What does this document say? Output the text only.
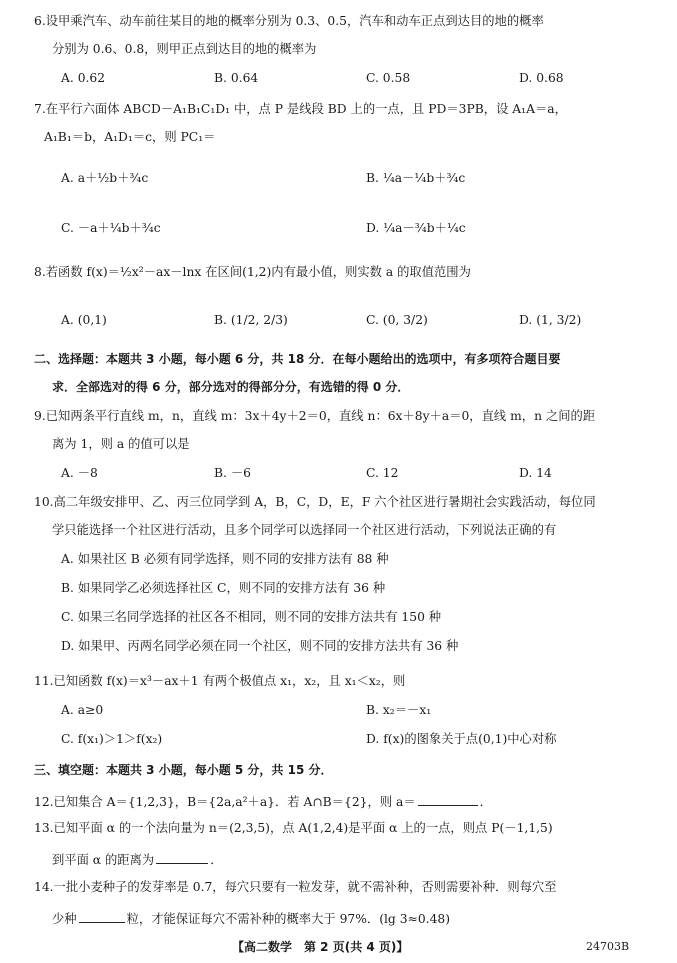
6.设甲乘汽车、动车前往某目的地的概率分别为 0.3、0.5，汽车和动车正点到达目的地的概率
分别为 0.6、0.8，则甲正点到达目的地的概率为
A. 0.62	B. 0.64	C. 0.58	D. 0.68
7.在平行六面体 ABCD－A₁B₁C₁D₁ 中，点 P 是线段 BD 上的一点，且 PD＝3PB，设 A₁A＝a，
A₁B₁＝b，A₁D₁＝c，则 PC₁＝
A. a＋½b＋¾c	B. ¼a－¼b＋¾c
C. －a＋¼b＋¾c	D. ¼a－¾b＋¼c
8.若函数 f(x)＝½x²－ax－lnx 在区间(1,2)内有最小值，则实数 a 的取值范围为
A. (0,1)	B. (1/2, 2/3)	C. (0, 3/2)	D. (1, 3/2)
二、选择题：本题共 3 小题，每小题 6 分，共 18 分．在每小题给出的选项中，有多项符合题目要
求．全部选对的得 6 分，部分选对的得部分分，有选错的得 0 分．
9.已知两条平行直线 m，n，直线 m：3x＋4y＋2＝0，直线 n：6x＋8y＋a＝0，直线 m，n 之间的距
离为 1，则 a 的值可以是
A. －8	B. －6	C. 12	D. 14
10.高二年级安排甲、乙、丙三位同学到 A，B，C，D，E，F 六个社区进行暑期社会实践活动，每位同
学只能选择一个社区进行活动，且多个同学可以选择同一个社区进行活动，下列说法正确的有
A. 如果社区 B 必须有同学选择，则不同的安排方法有 88 种
B. 如果同学乙必须选择社区 C，则不同的安排方法有 36 种
C. 如果三名同学选择的社区各不相同，则不同的安排方法共有 150 种
D. 如果甲、丙两名同学必须在同一个社区，则不同的安排方法共有 36 种
11.已知函数 f(x)＝x³－ax＋1 有两个极值点 x₁，x₂，且 x₁＜x₂，则
A. a≥0	B. x₂＝－x₁
C. f(x₁)＞1＞f(x₂)	D. f(x)的图象关于点(0,1)中心对称
三、填空题：本题共 3 小题，每小题 5 分，共 15 分．
12.已知集合 A＝{1,2,3}，B＝{2a,a²＋a}．若 A∩B＝{2}，则 a＝	．
13.已知平面 α 的一个法向量为 n＝(2,3,5)，点 A(1,2,4)是平面 α 上的一点，则点 P(－1,1,5)
到平面 α 的距离为	．
14.一批小麦种子的发芽率是 0.7，每穴只要有一粒发芽，就不需补种，否则需要补种．则每穴至
少种	粒，才能保证每穴不需补种的概率大于 97%．(lg 3≈0.48)
【高二数学　第 2 页(共 4 页)】	24703B
